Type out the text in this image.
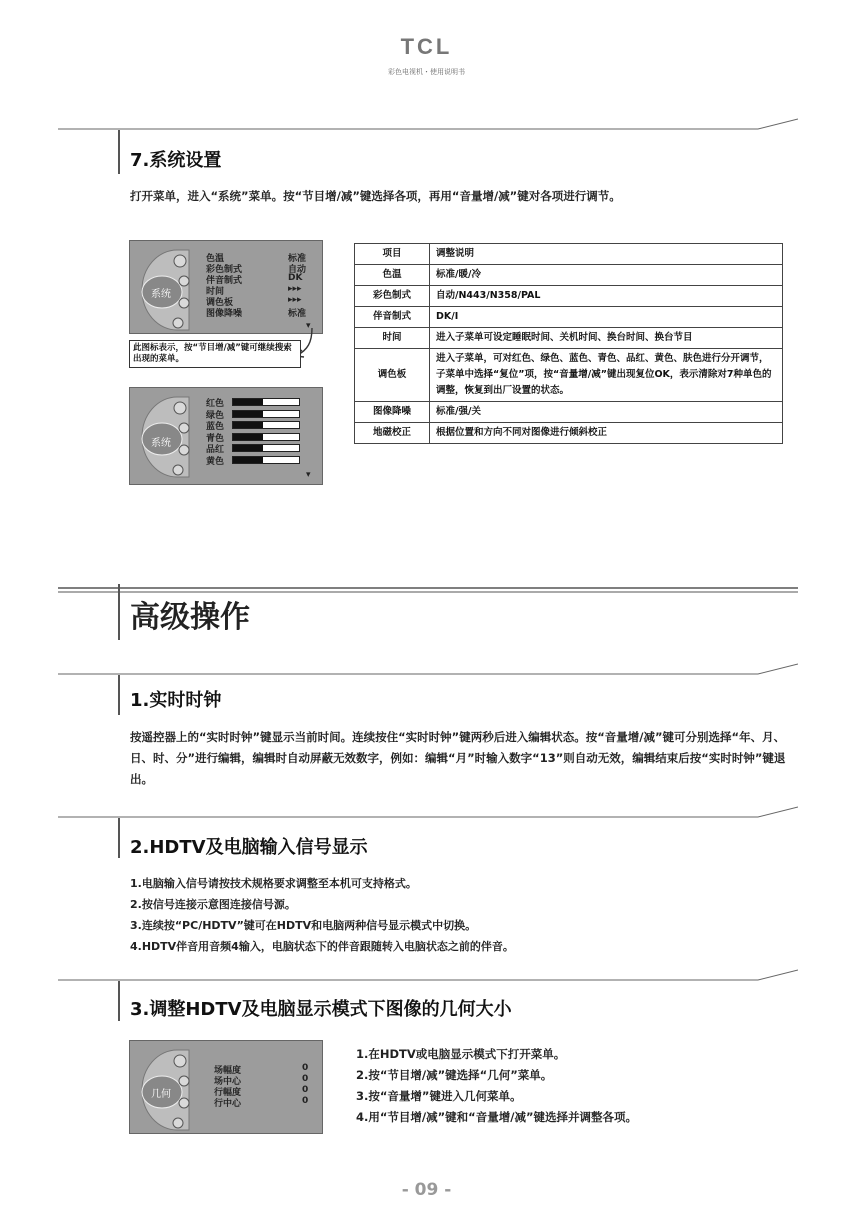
TCL
彩色电视机・使用说明书
7.系统设置

打开菜单，进入“系统”菜单。按“节目增/减”键选择各项，再用“音量增/减”键对各项进行调节。

系统
色温	标准
彩色制式	自动
伴音制式	DK
时间	▸▸▸
调色板	▸▸▸
图像降噪	标准
▾
此图标表示，按“节目增/减”键可继续搜索出现的菜单。
系统
红色
绿色
蓝色
青色
品红
黄色
▾
项目	调整说明
色温	标准/暖/冷
彩色制式	自动/N443/N358/PAL
伴音制式	DK/I
时间	进入子菜单可设定睡眠时间、关机时间、换台时间、换台节目
调色板	进入子菜单，可对红色、绿色、蓝色、青色、品红、黄色、肤色进行分开调节，子菜单中选择“复位”项，按“音量增/减”键出现复位OK，表示清除对7种单色的调整，恢复到出厂设置的状态。
图像降噪	标准/强/关
地磁校正	根据位置和方向不同对图像进行倾斜校正
高级操作
1.实时时钟

按遥控器上的“实时时钟”键显示当前时间。连续按住“实时时钟”键两秒后进入编辑状态。按“音量增/减”键可分别选择“年、月、日、时、分”进行编辑，编辑时自动屏蔽无效数字，例如：编辑“月”时输入数字“13”则自动无效，编辑结束后按“实时时钟”键退出。

2.HDTV及电脑输入信号显示

1.电脑输入信号请按技术规格要求调整至本机可支持格式。

2.按信号连接示意图连接信号源。

3.连续按“PC/HDTV”键可在HDTV和电脑两种信号显示模式中切换。

4.HDTV伴音用音频4输入，电脑状态下的伴音跟随转入电脑状态之前的伴音。

3.调整HDTV及电脑显示模式下图像的几何大小
几何
场幅度	0
场中心	0
行幅度	0
行中心	0

1.在HDTV或电脑显示模式下打开菜单。

2.按“节目增/减”键选择“几何”菜单。

3.按“音量增”键进入几何菜单。

4.用“节目增/减”键和“音量增/减”键选择并调整各项。

- 09 -
